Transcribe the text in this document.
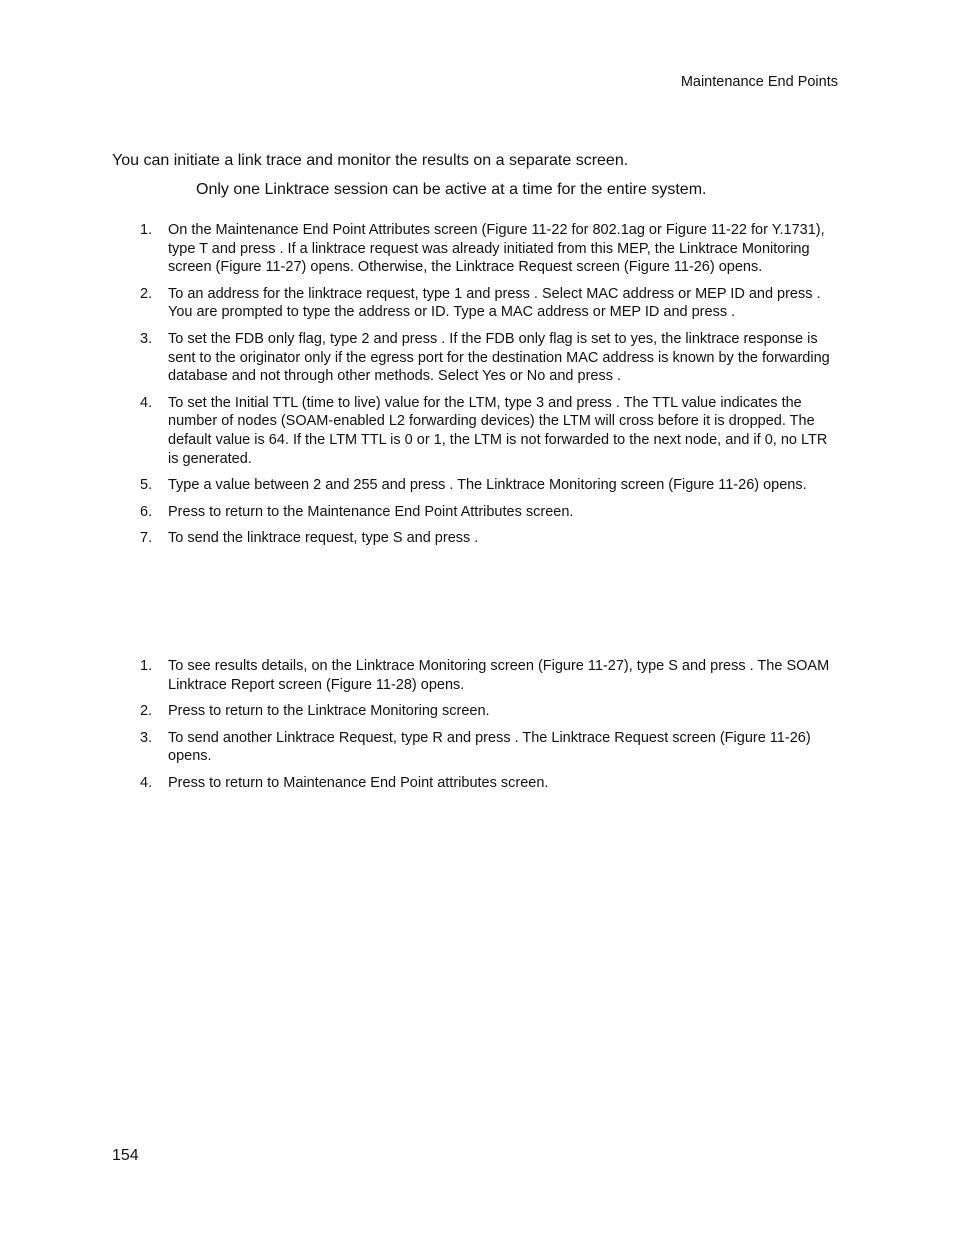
Maintenance End Points
You can initiate a link trace and monitor the results on a separate screen.
Only one Linktrace session can be active at a time for the entire system.
1.	On the Maintenance End Point Attributes screen (Figure 11-22 for 802.1ag or Figure 11-22 for Y.1731), type T and press . If a linktrace request was already initiated from this MEP, the Linktrace Monitoring screen (Figure 11-27) opens. Otherwise, the Linktrace Request screen (Figure 11-26) opens.
2.	To an address for the linktrace request, type 1 and press . Select MAC address or MEP ID and press . You are prompted to type the address or ID. Type a MAC address or MEP ID and press .
3.	To set the FDB only flag, type 2 and press . If the FDB only flag is set to yes, the linktrace response is sent to the originator only if the egress port for the destination MAC address is known by the forwarding database and not through other methods. Select Yes or No and press .
4.	To set the Initial TTL (time to live) value for the LTM, type 3 and press . The TTL value indicates the number of nodes (SOAM-enabled L2 forwarding devices) the LTM will cross before it is dropped. The default value is 64. If the LTM TTL is 0 or 1, the LTM is not forwarded to the next node, and if 0, no LTR is generated.
5.	Type a value between 2 and 255 and press . The Linktrace Monitoring screen (Figure 11-26) opens.
6.	Press to return to the Maintenance End Point Attributes screen.
7.	To send the linktrace request, type S and press .
1.	To see results details, on the Linktrace Monitoring screen (Figure 11-27), type S and press . The SOAM Linktrace Report screen (Figure 11-28) opens.
2.	Press to return to the Linktrace Monitoring screen.
3.	To send another Linktrace Request, type R and press . The Linktrace Request screen (Figure 11-26) opens.
4.	Press to return to Maintenance End Point attributes screen.
154
